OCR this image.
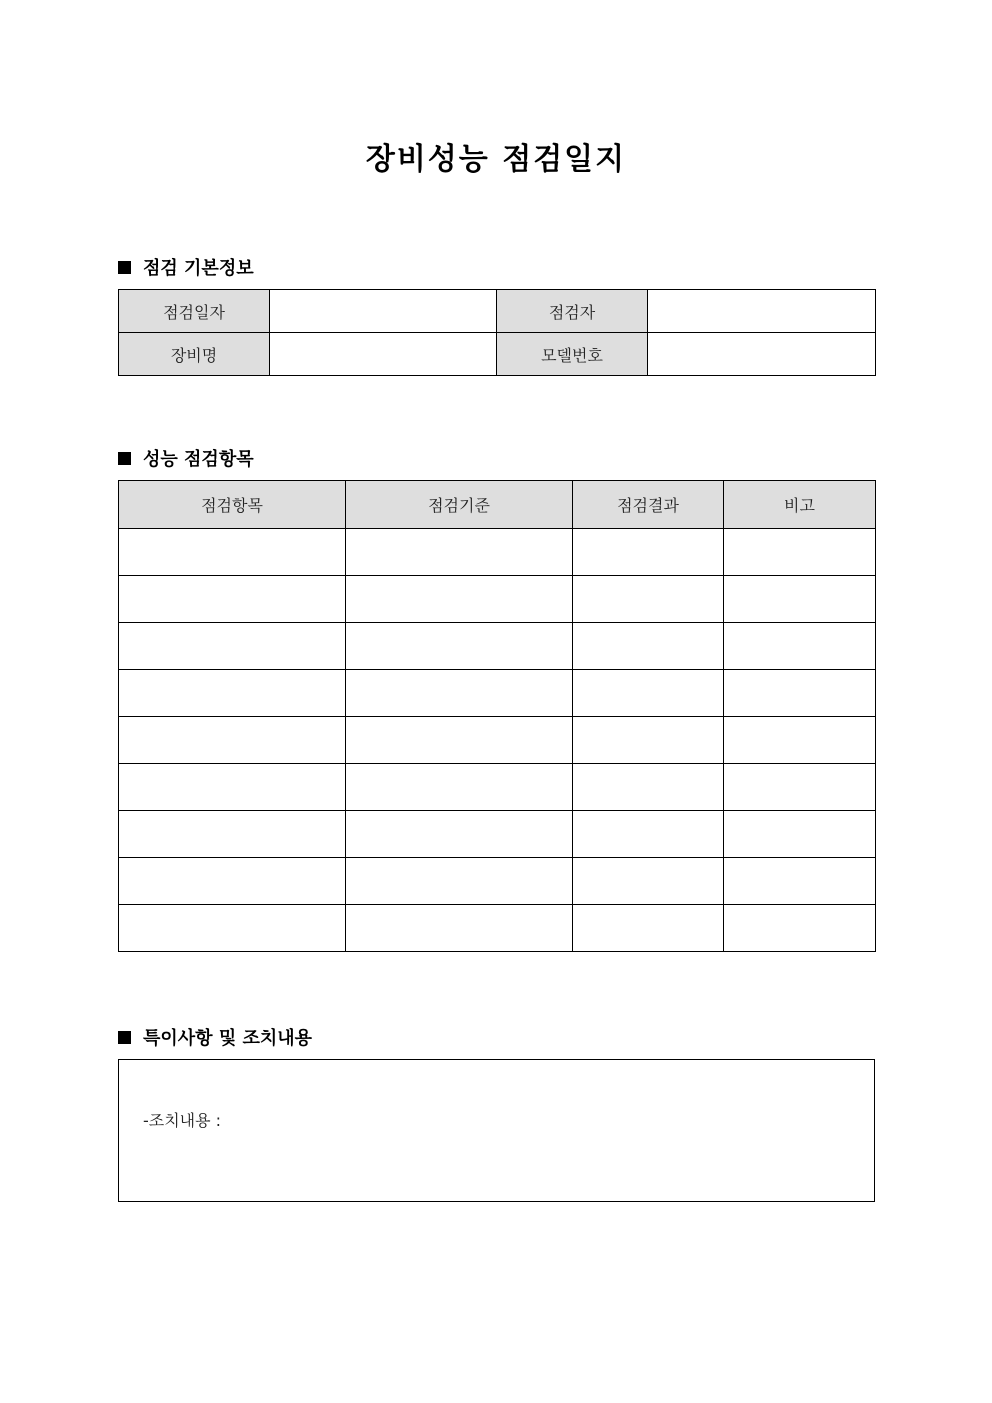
장비성능 점검일지
점검 기본정보
점검일자		점검자	
장비명		모델번호	
성능 점검항목
점검항목	점검기준	점검결과	비고

특이사항 및 조치내용
-조치내용 :
